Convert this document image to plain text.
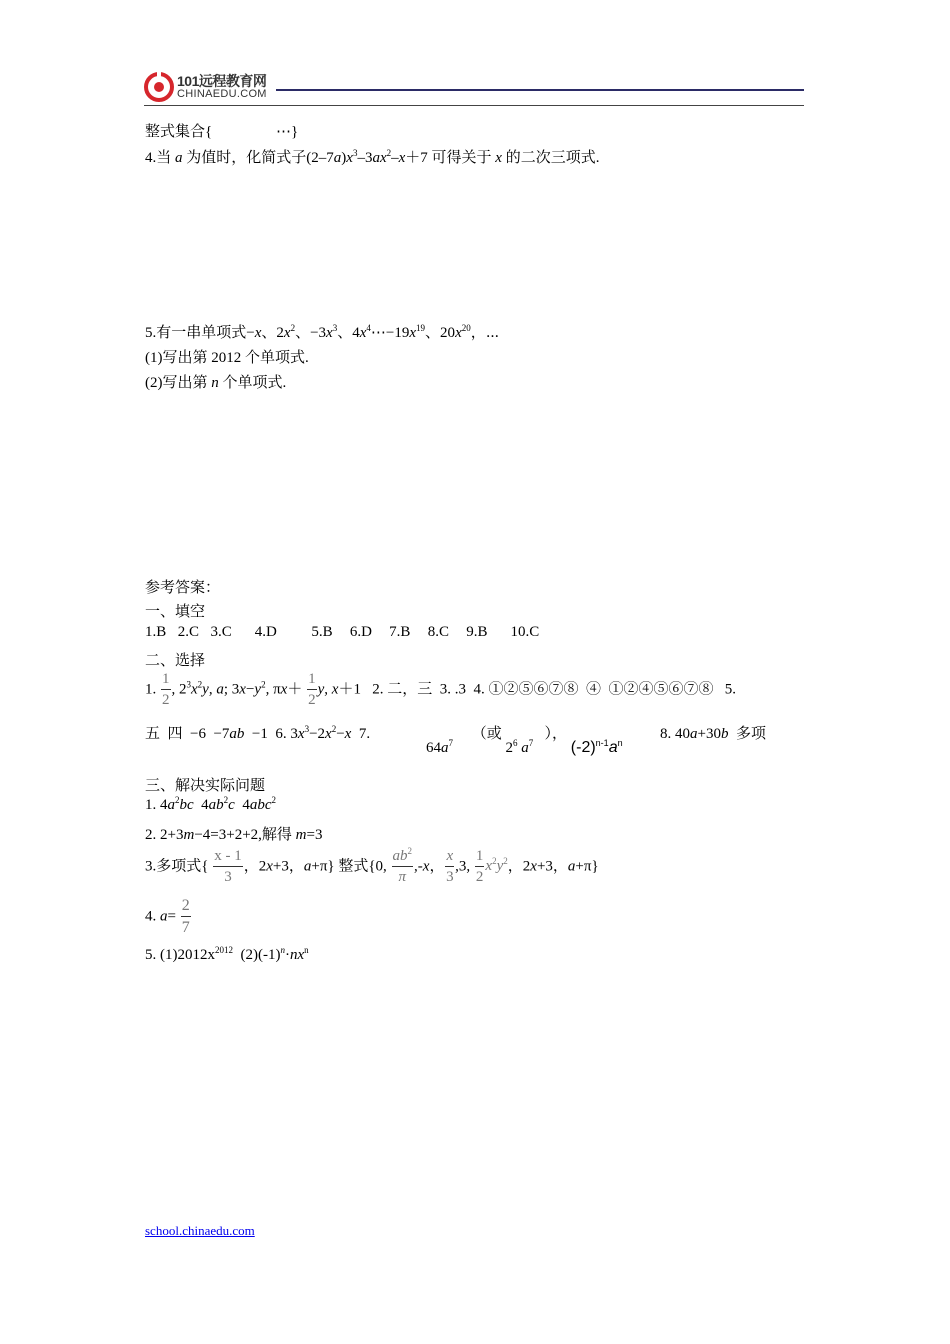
101远程教育网
CHINAEDU.COM
整式集合{	⋯}
4.当 a 为值时，化简式子$(2-7a)x^3-3ax^2-x+7$ 可得关于 x 的二次三项式.
5.有一串单项式−x、$2x^2$、$-3x^3$、$4x^4\cdots-19x^{19}$、$20x^{20}$，⋯
(1)写出第 2012 个单项式.
(2)写出第 n 个单项式.
参考答案：
一、填空
1.B  2.C  3.C    4.D      5.B   6.D   7.B   8.C   9.B    10.C
二、选择
1. $\frac{1}{2}$ , $2^3x^2y$, a; $3x-y^2$, $\pi x+ \frac{1}{2} y$, x＋1   2. 二，三  3. .3  4. ①②⑤⑥⑦⑧  ④  ①②④⑤⑥⑦⑧   5.
五  四  −6  −7ab  −1  6. $3x^3-2x^2-x$  7.
$64a^7$     （或 $2^6$ $a^7$   ）， $(-2)^{n-1}a^n$
8. 40a+30b  多项
三、解决实际问题
1. $4a^2bc$  $4ab^2c$  4abc$^2$
2. 2+3m−4=3+2+2,解得 m=3
3.多项式{ $\frac{x - 1}{3}$ ，2x+3，a+π} 整式{0, $\frac{ab^2}{\pi} ,-x$， $\frac{x}{3} ,3$, $\frac{1}{2} x^2y^2$，2x+3，a+π}
4. $a= \frac{2}{7}$
5. $(1)2012x^{2012}$  $(2)(-1)^n\cdot nx^n$
school.chinaedu.com
